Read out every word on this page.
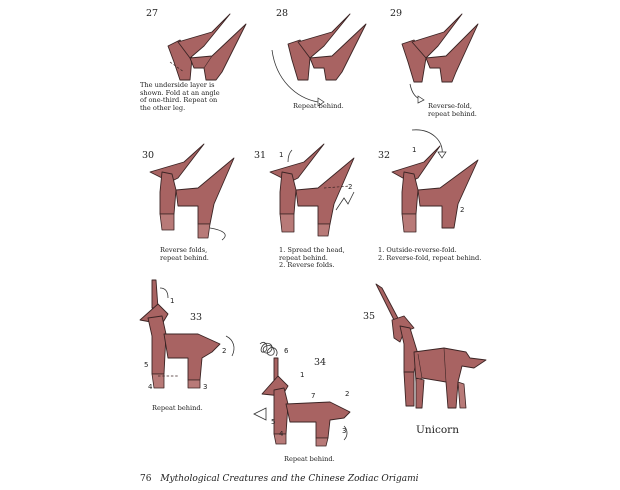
27
The underside layer is
shown. Fold at an angle
of one-third. Repeat on
the other leg.
28
Repeat behind.
29
Reverse-fold,
repeat behind.
30
Reverse folds,
repeat behind.
31 1
2
1. Spread the head,
repeat behind.
2. Reverse folds.
32	1
2
1. Outside-reverse-fold.
2. Reverse-fold, repeat behind.
33
1
2
3
4
5
Repeat behind.
34
6
1
7	2
3
4
5
Repeat behind.
35
Unicorn
76 Mythological Creatures and the Chinese Zodiac Origami
